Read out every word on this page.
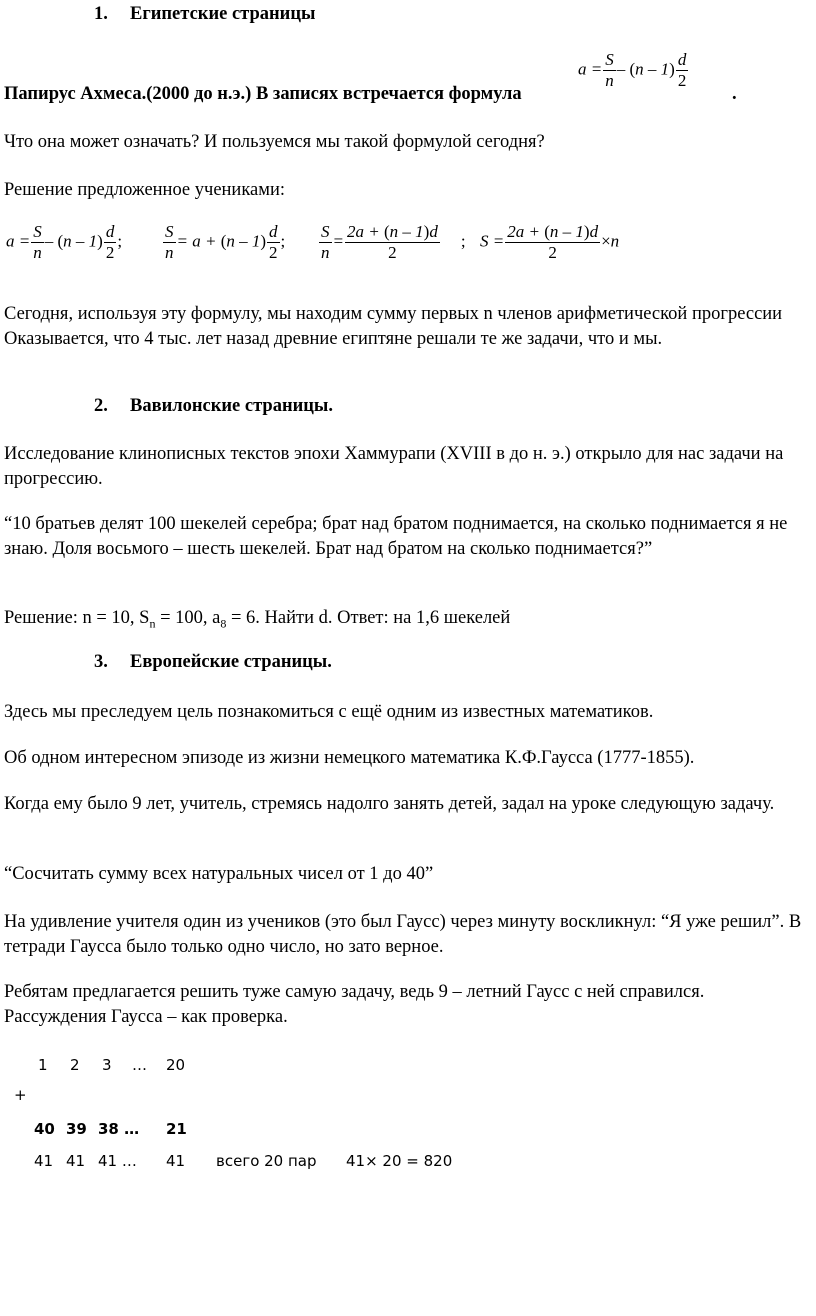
1. Египетские страницы

Папирус Ахмеса.(2000 до н.э.) В записях встречается формула

$a = \frac{S}{n} - (n - 1) \frac{d}{2}$
.

Что она может означать? И пользуемся мы такой формулой сегодня?

Решение предложенное учениками:

$a = \frac{S}{n} - (n - 1) \frac{d}{2}$ ; $\frac{S}{n} = a + (n - 1) \frac{d}{2}$ ; $\frac{S}{n} = \frac{2a + (n - 1)d}{2}$ ; $S = \frac{2a + (n - 1)d}{2} \times n$

Сегодня, используя эту формулу, мы находим сумму первых n членов арифметической прогрессии Оказывается, что 4 тыс. лет назад древние египтяне решали те же задачи, что и мы.

2. Вавилонские страницы.

Исследование клинописных текстов эпохи Хаммурапи (XVIII в до н. э.) открыло для нас задачи на прогрессию.

“10 братьев делят 100 шекелей серебра; брат над братом поднимается, на сколько поднимается я не знаю. Доля восьмого – шесть шекелей. Брат над братом на сколько поднимается?”

Решение: n = 10, $S_n = 100$, $a_8 = 6$. Найти d. Ответ: на 1,6 шекелей

3. Европейские страницы.

Здесь мы преследуем цель познакомиться с ещё одним из известных математиков.

Об одном интересном эпизоде из жизни немецкого математика К.Ф.Гаусса (1777-1855).

Когда ему было 9 лет, учитель, стремясь надолго занять детей, задал на уроке следующую задачу.

“Сосчитать сумму всех натуральных чисел от 1 до 40”

На удивление учителя один из учеников (это был Гаусс) через минуту воскликнул: “Я уже решил”. В тетради Гаусса было только одно число, но зато верное.

Ребятам предлагается решить туже самую задачу, ведь 9 – летний Гаусс с ней справился. Рассуждения Гаусса – как проверка.

1 2 3 … 20
+
40 39 38 … 21
41 41 41 … 41 всего 20 пар 41× 20 = 820
